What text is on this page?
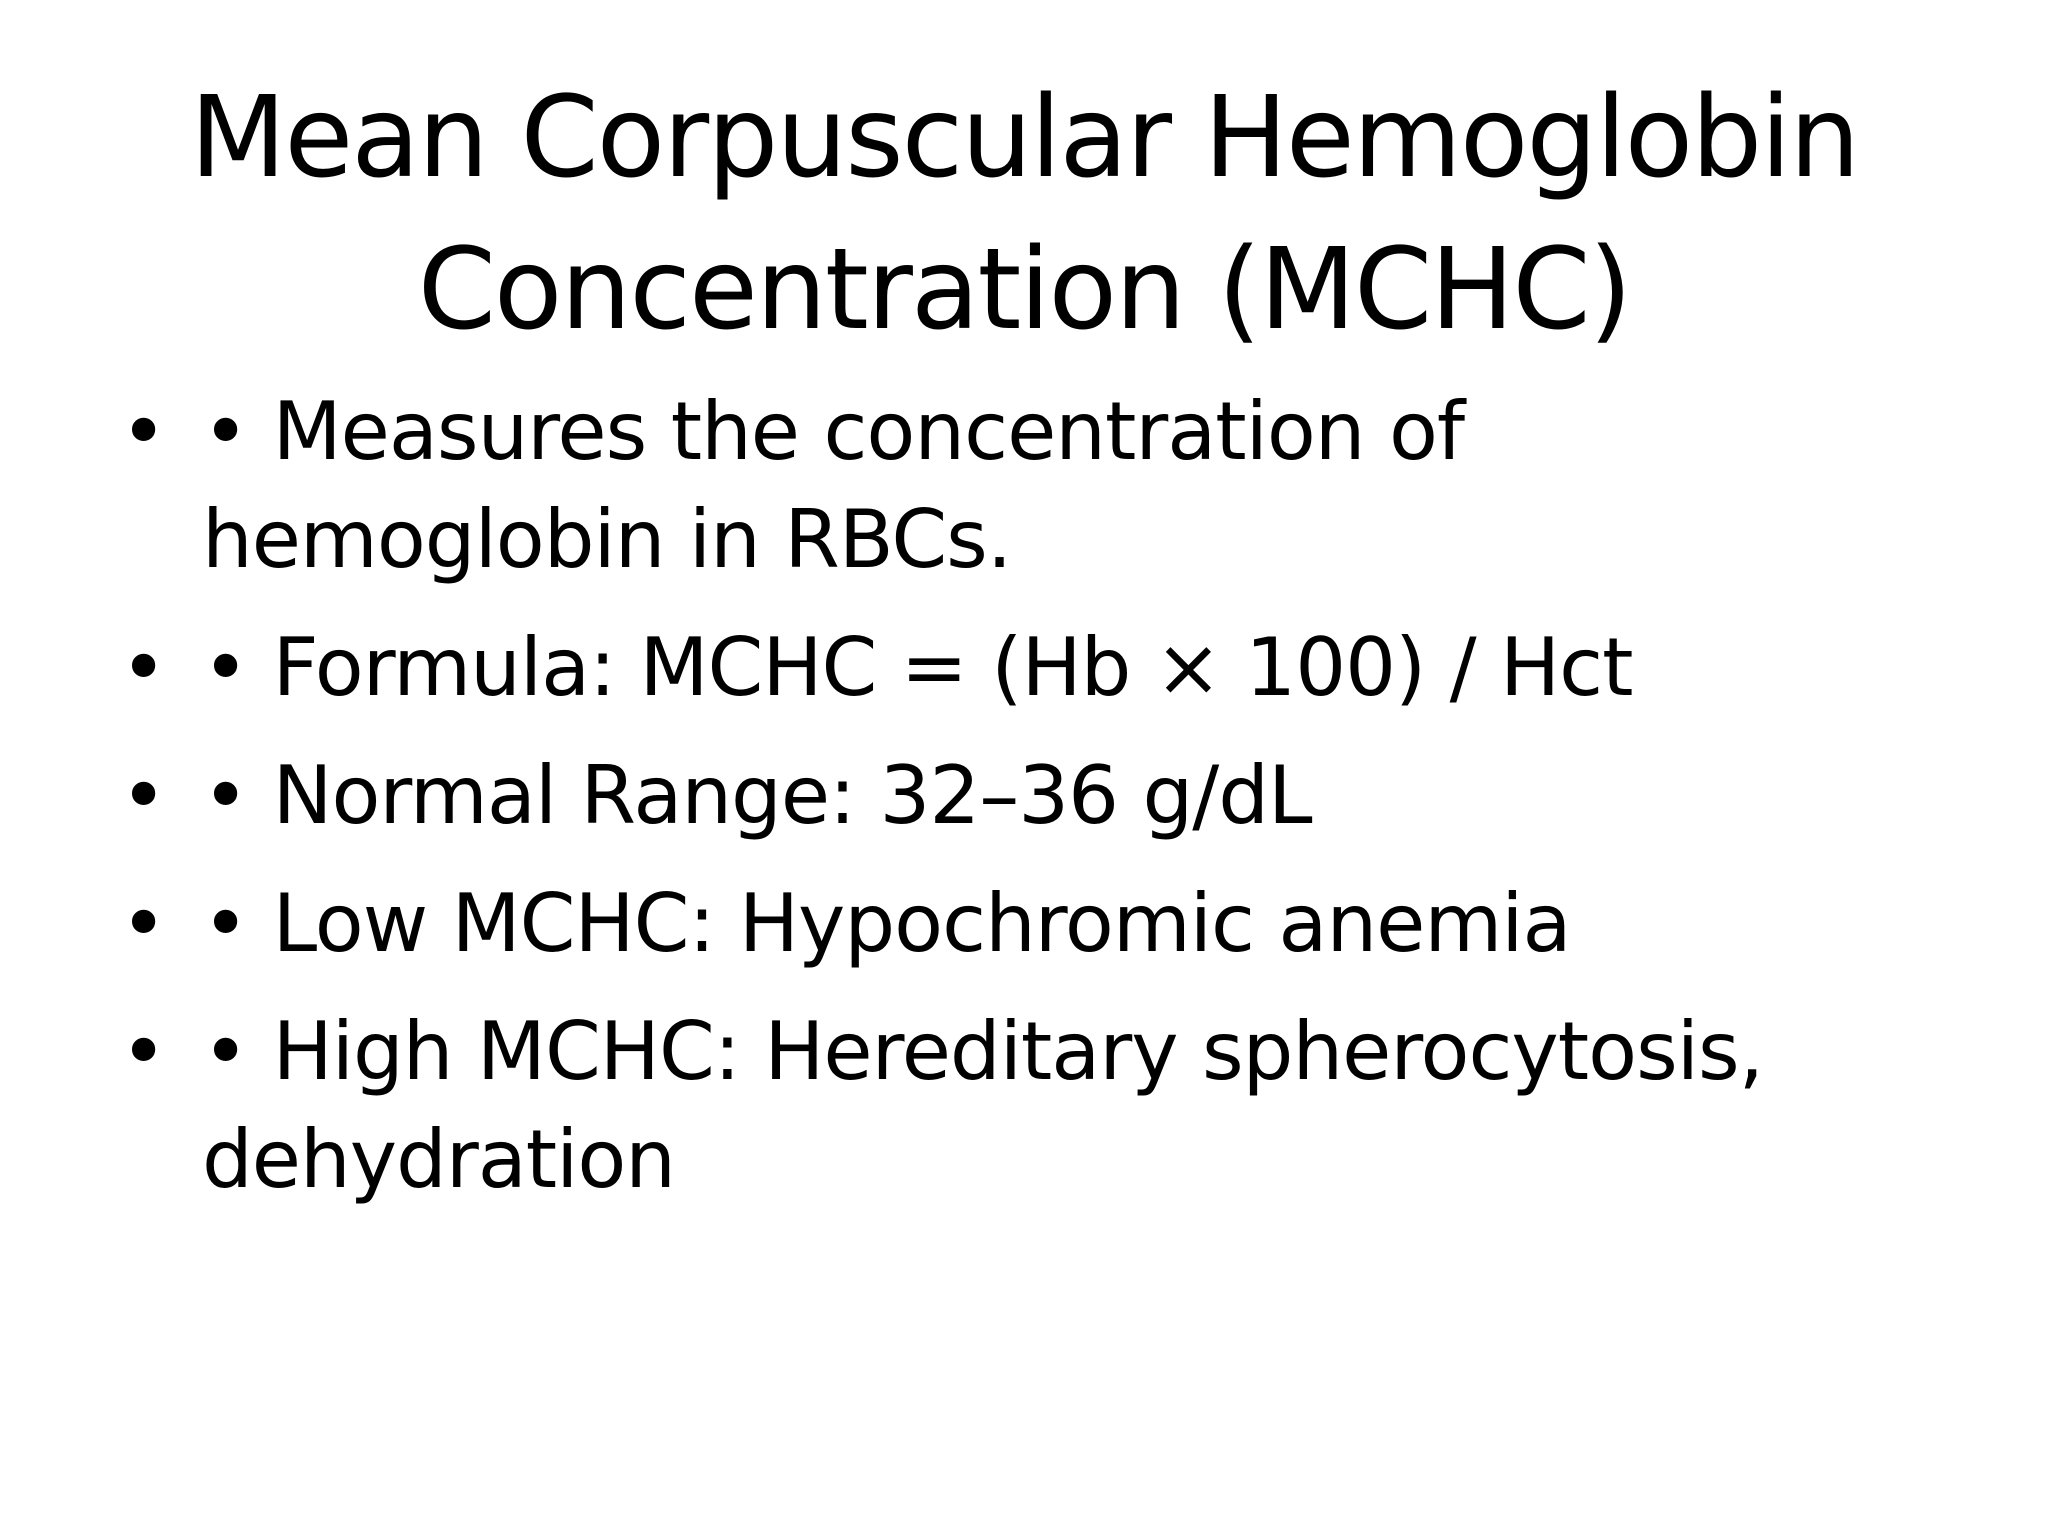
Mean Corpuscular Hemoglobin
Concentration (MCHC)
• • Measures the concentration of hemoglobin in RBCs.
• • Formula: MCHC = (Hb × 100) / Hct
• • Normal Range: 32–36 g/dL
• • Low MCHC: Hypochromic anemia
• • High MCHC: Hereditary spherocytosis, dehydration
